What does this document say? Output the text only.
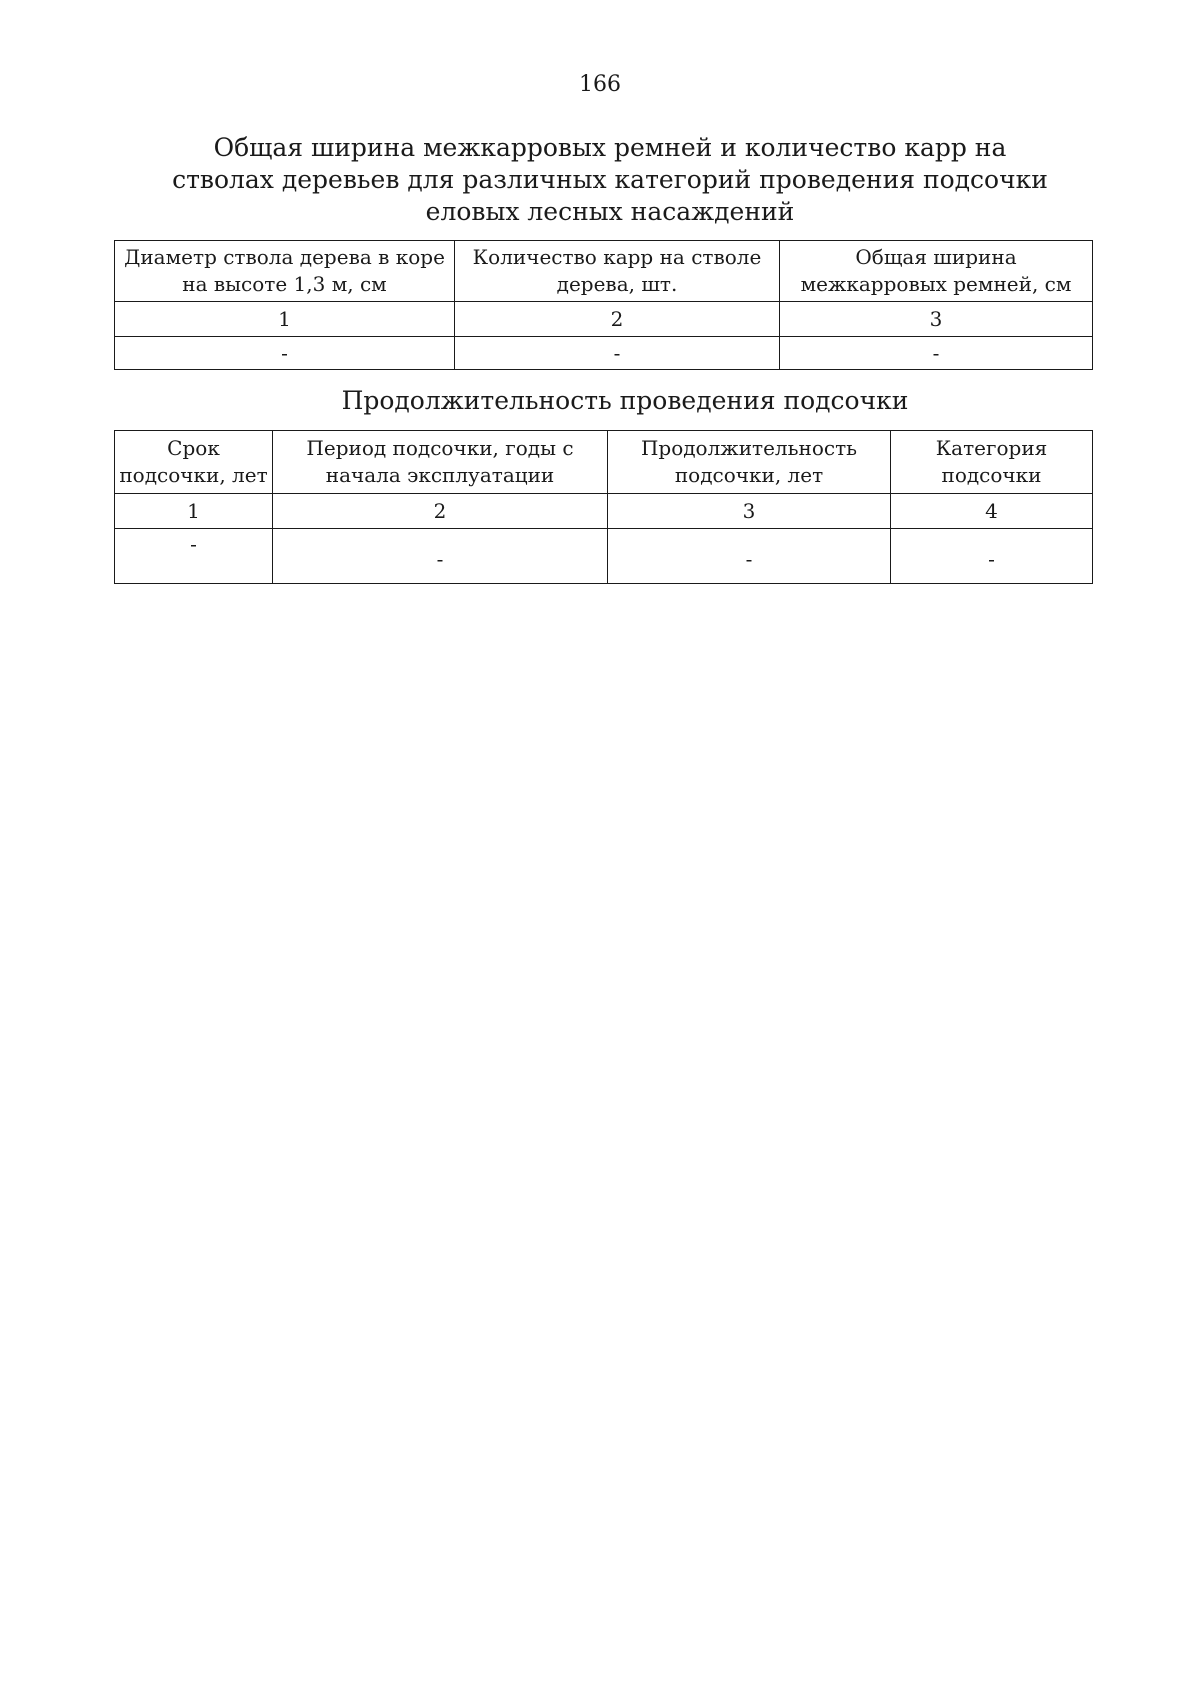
166
Общая ширина межкарровых ремней и количество карр на стволах деревьев для различных категорий проведения подсочки еловых лесных насаждений
Диаметр ствола дерева в коре на высоте 1,3 м, см	Количество карр на стволе дерева, шт.	Общая ширина межкарровых ремней, см
1	2	3
-	-	-
Продолжительность проведения подсочки
Срок подсочки, лет	Период подсочки, годы с начала эксплуатации	Продолжительность подсочки, лет	Категория подсочки
1	2	3	4
-	-	-	-
